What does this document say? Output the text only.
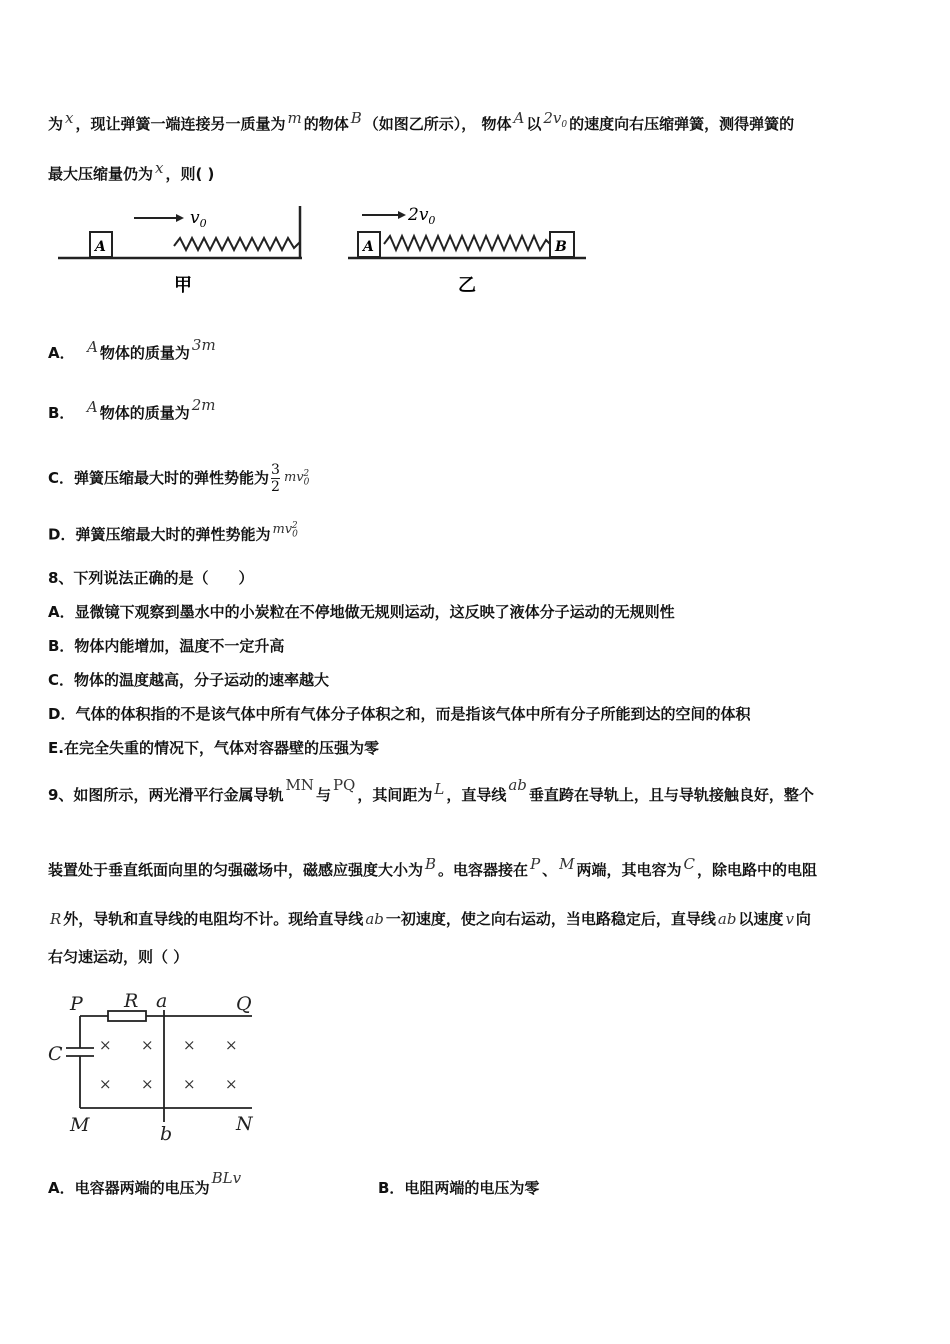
为 x ，现让弹簧一端连接另一质量为 m 的物体 B （如图乙所示）， 物体 A 以 $2v_0$ 的速度向右压缩弹簧，测得弹簧的
最大压缩量仍为 x ，则( )
A
$v_0$
甲
A	B
$2v_0$
乙
A． A 物体的质量为 3m
B． A 物体的质量为 2m
C．弹簧压缩最大时的弹性势能为 $\frac{3}{2} mv_0^2$
D．弹簧压缩最大时的弹性势能为 $mv_0^2$
8、下列说法正确的是（　　）
A．显微镜下观察到墨水中的小炭粒在不停地做无规则运动，这反映了液体分子运动的无规则性
B．物体内能增加，温度不一定升高
C．物体的温度越高，分子运动的速率越大
D．气体的体积指的不是该气体中所有气体分子体积之和，而是指该气体中所有分子所能到达的空间的体积
E.在完全失重的情况下，气体对容器壁的压强为零
9、如图所示，两光滑平行金属导轨MN与PQ，其间距为 L ，直导线ab垂直跨在导轨上，且与导轨接触良好，整个
装置处于垂直纸面向里的匀强磁场中，磁感应强度大小为 B 。电容器接在 P 、 M 两端，其电容为 C ，除电路中的电阻
R 外，导轨和直导线的电阻均不计。现给直导线 ab 一初速度，使之向右运动，当电路稳定后，直导线 ab 以速度 v 向
右匀速运动，则（ ）
P R a	Q
C
M	b	N
× × × ×
× × × ×
A．电容器两端的电压为BLv
B．电阻两端的电压为零
